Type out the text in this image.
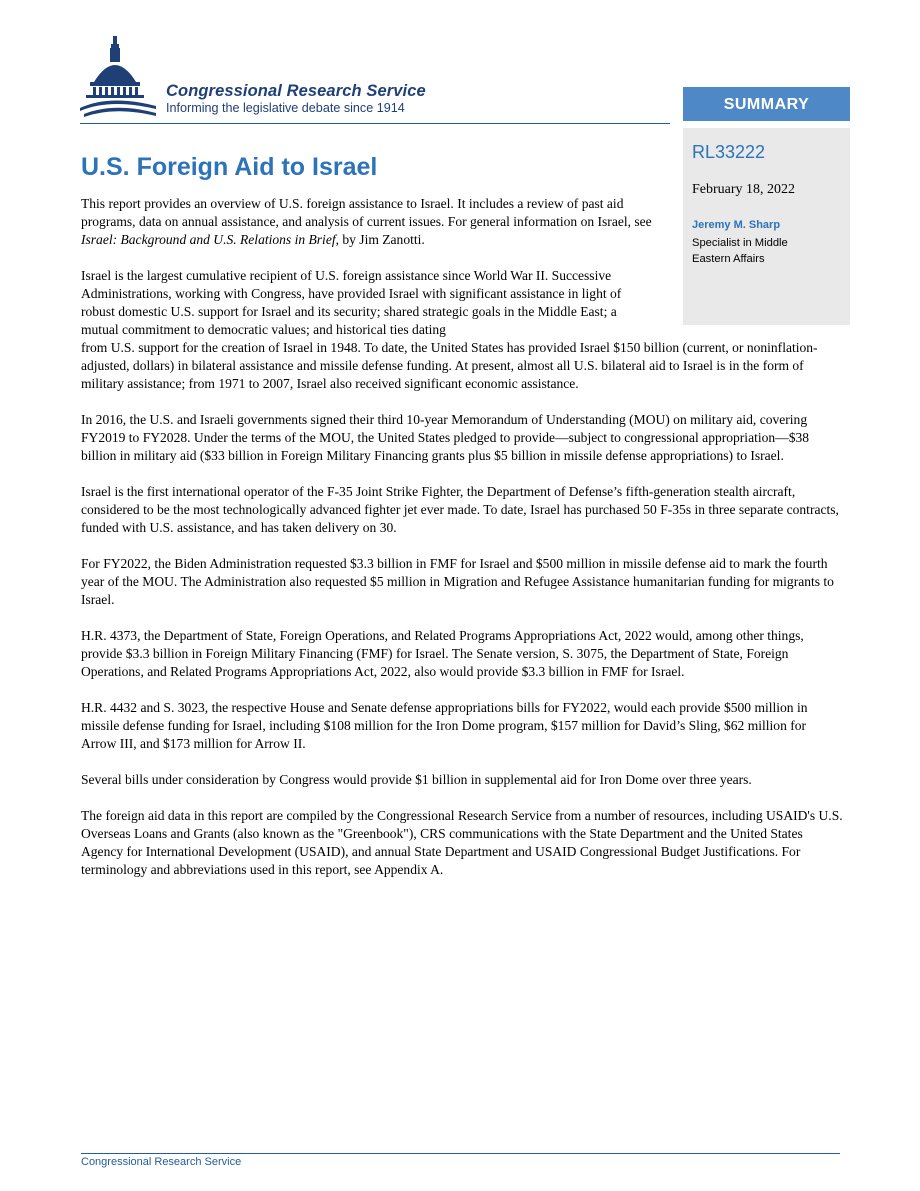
Congressional Research Service
Informing the legislative debate since 1914	SUMMARY
RL33222
February 18, 2022
Jeremy M. Sharp
Specialist in Middle Eastern Affairs
U.S. Foreign Aid to Israel

This report provides an overview of U.S. foreign assistance to Israel. It includes a review of past aid programs, data on annual assistance, and analysis of current issues. For general information on Israel, see Israel: Background and U.S. Relations in Brief, by Jim Zanotti.

Israel is the largest cumulative recipient of U.S. foreign assistance since World War II. Successive Administrations, working with Congress, have provided Israel with significant assistance in light of robust domestic U.S. support for Israel and its security; shared strategic goals in the Middle East; a mutual commitment to democratic values; and historical ties dating
from U.S. support for the creation of Israel in 1948. To date, the United States has provided Israel $150 billion (current, or noninflation-adjusted, dollars) in bilateral assistance and missile defense funding. At present, almost all U.S. bilateral aid to Israel is in the form of military assistance; from 1971 to 2007, Israel also received significant economic assistance.

In 2016, the U.S. and Israeli governments signed their third 10-year Memorandum of Understanding (MOU) on military aid, covering FY2019 to FY2028. Under the terms of the MOU, the United States pledged to provide—subject to congressional appropriation—$38 billion in military aid ($33 billion in Foreign Military Financing grants plus $5 billion in missile defense appropriations) to Israel.

Israel is the first international operator of the F-35 Joint Strike Fighter, the Department of Defense’s fifth-generation stealth aircraft, considered to be the most technologically advanced fighter jet ever made. To date, Israel has purchased 50 F-35s in three separate contracts, funded with U.S. assistance, and has taken delivery on 30.

For FY2022, the Biden Administration requested $3.3 billion in FMF for Israel and $500 million in missile defense aid to mark the fourth year of the MOU. The Administration also requested $5 million in Migration and Refugee Assistance humanitarian funding for migrants to Israel.

H.R. 4373, the Department of State, Foreign Operations, and Related Programs Appropriations Act, 2022 would, among other things, provide $3.3 billion in Foreign Military Financing (FMF) for Israel. The Senate version, S. 3075, the Department of State, Foreign Operations, and Related Programs Appropriations Act, 2022, also would provide $3.3 billion in FMF for Israel.

H.R. 4432 and S. 3023, the respective House and Senate defense appropriations bills for FY2022, would each provide $500 million in missile defense funding for Israel, including $108 million for the Iron Dome program, $157 million for David’s Sling, $62 million for Arrow III, and $173 million for Arrow II.

Several bills under consideration by Congress would provide $1 billion in supplemental aid for Iron Dome over three years.

The foreign aid data in this report are compiled by the Congressional Research Service from a number of resources, including USAID's U.S. Overseas Loans and Grants (also known as the "Greenbook"), CRS communications with the State Department and the United States Agency for International Development (USAID), and annual State Department and USAID Congressional Budget Justifications. For terminology and abbreviations used in this report, see Appendix A.

Congressional Research Service
